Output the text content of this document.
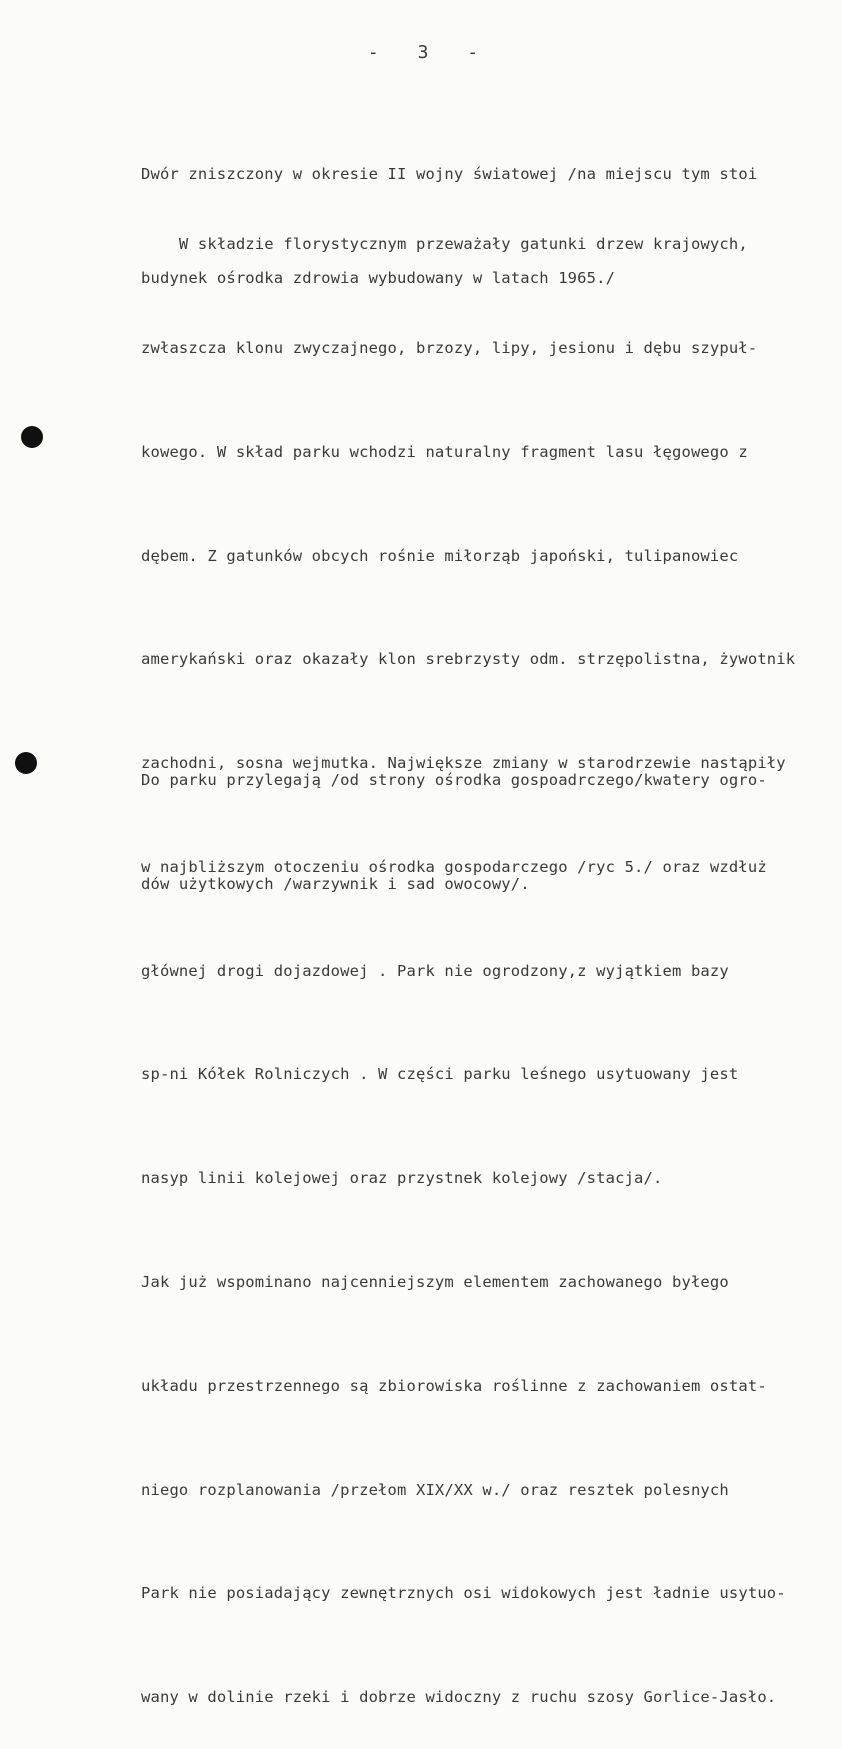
- 3 -

Dwór zniszczony w okresie II wojny światowej /na miejscu tym stoi

budynek ośrodka zdrowia wybudowany w latach 1965./

W składzie florystycznym przeważały gatunki drzew krajowych,

zwłaszcza klonu zwyczajnego, brzozy, lipy, jesionu i dębu szypuł-

kowego. W skład parku wchodzi naturalny fragment lasu łęgowego z

dębem. Z gatunków obcych rośnie miłorząb japoński, tulipanowiec

amerykański oraz okazały klon srebrzysty odm. strzępolistna, żywotnik

zachodni, sosna wejmutka. Największe zmiany w starodrzewie nastąpiły

w najbliższym otoczeniu ośrodka gospodarczego /ryc 5./ oraz wzdłuż

głównej drogi dojazdowej . Park nie ogrodzony,z wyjątkiem bazy

sp-ni Kółek Rolniczych . W części parku leśnego usytuowany jest

nasyp linii kolejowej oraz przystnek kolejowy /stacja/.

Jak już wspominano najcenniejszym elementem zachowanego byłego

układu przestrzennego są zbiorowiska roślinne z zachowaniem ostat-

niego rozplanowania /przełom XIX/XX w./ oraz resztek polesnych

Park nie posiadający zewnętrznych osi widokowych jest ładnie usytuo-

wany w dolinie rzeki i dobrze widoczny z ruchu szosy Gorlice-Jasło.

Do parku przylegają /od strony ośrodka gospoadrczego/kwatery ogro-

dów użytkowych /warzywnik i sad owocowy/.
